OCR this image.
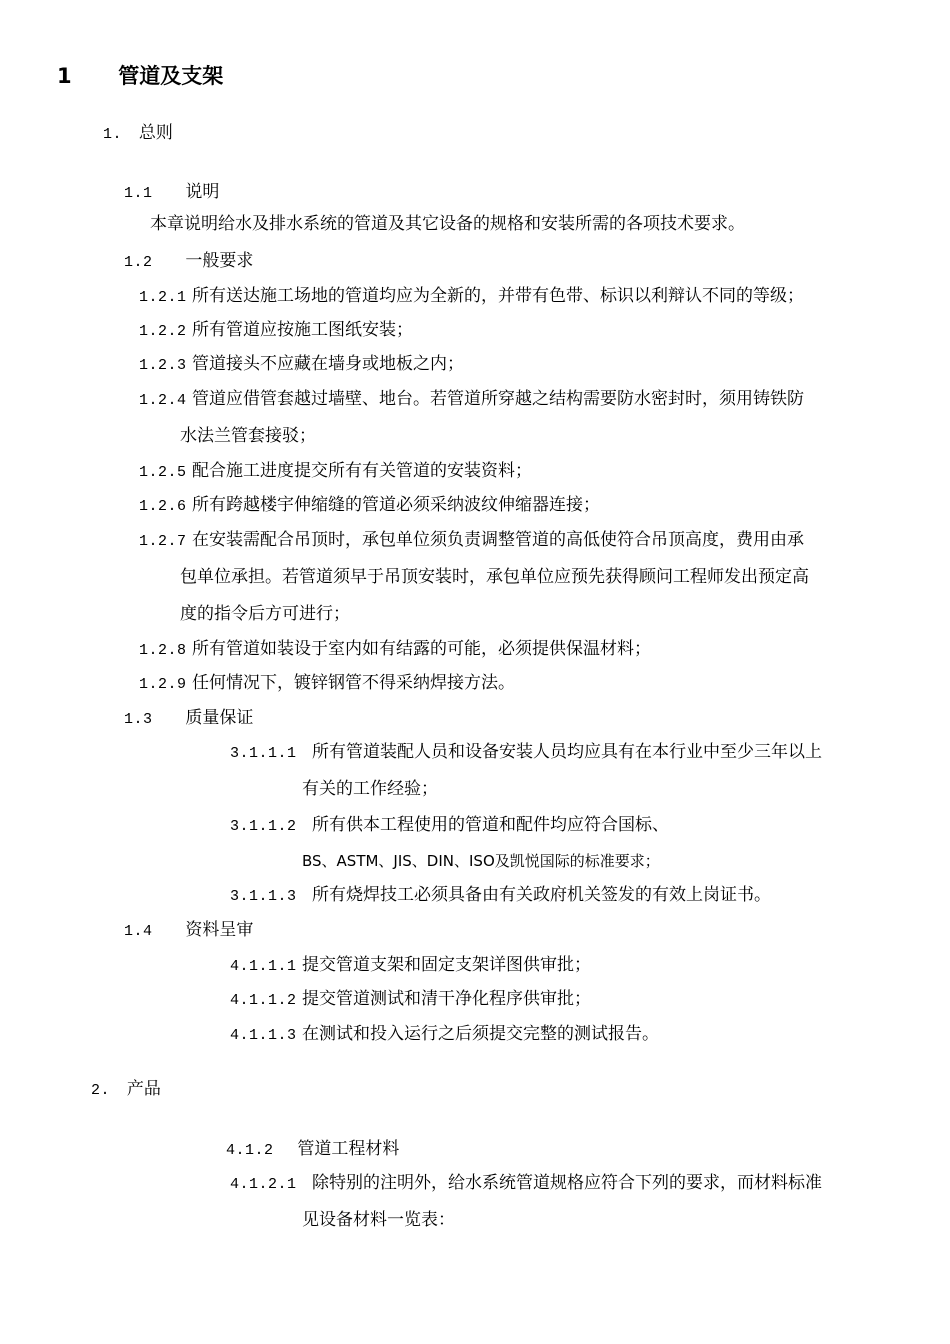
1 管道及支架
1. 总则
1.1 说明
本章说明给水及排水系统的管道及其它设备的规格和安装所需的各项技术要求。
1.2 一般要求
1.2.1 所有送达施工场地的管道均应为全新的，并带有色带、标识以利辩认不同的等级；
1.2.2 所有管道应按施工图纸安装；
1.2.3 管道接头不应藏在墙身或地板之内；
1.2.4 管道应借管套越过墙壁、地台。若管道所穿越之结构需要防水密封时，须用铸铁防
水法兰管套接驳；
1.2.5 配合施工进度提交所有有关管道的安装资料；
1.2.6 所有跨越楼宇伸缩缝的管道必须采纳波纹伸缩器连接；
1.2.7 在安装需配合吊顶时，承包单位须负责调整管道的高低使符合吊顶高度，费用由承
包单位承担。若管道须早于吊顶安装时，承包单位应预先获得顾问工程师发出预定高
度的指令后方可进行；
1.2.8 所有管道如装设于室内如有结露的可能，必须提供保温材料；
1.2.9 任何情况下，镀锌钢管不得采纳焊接方法。
1.3 质量保证
3.1.1.1 所有管道装配人员和设备安装人员均应具有在本行业中至少三年以上
有关的工作经验；
3.1.1.2 所有供本工程使用的管道和配件均应符合国标、
BS、ASTM、JIS、DIN、ISO及凯悦国际的标准要求；
3.1.1.3 所有烧焊技工必须具备由有关政府机关签发的有效上岗证书。
1.4 资料呈审
4.1.1.1 提交管道支架和固定支架详图供审批；
4.1.1.2 提交管道测试和清干净化程序供审批；
4.1.1.3 在测试和投入运行之后须提交完整的测试报告。
2. 产品
4.1.2 管道工程材料
4.1.2.1 除特别的注明外，给水系统管道规格应符合下列的要求，而材料标准
见设备材料一览表：
